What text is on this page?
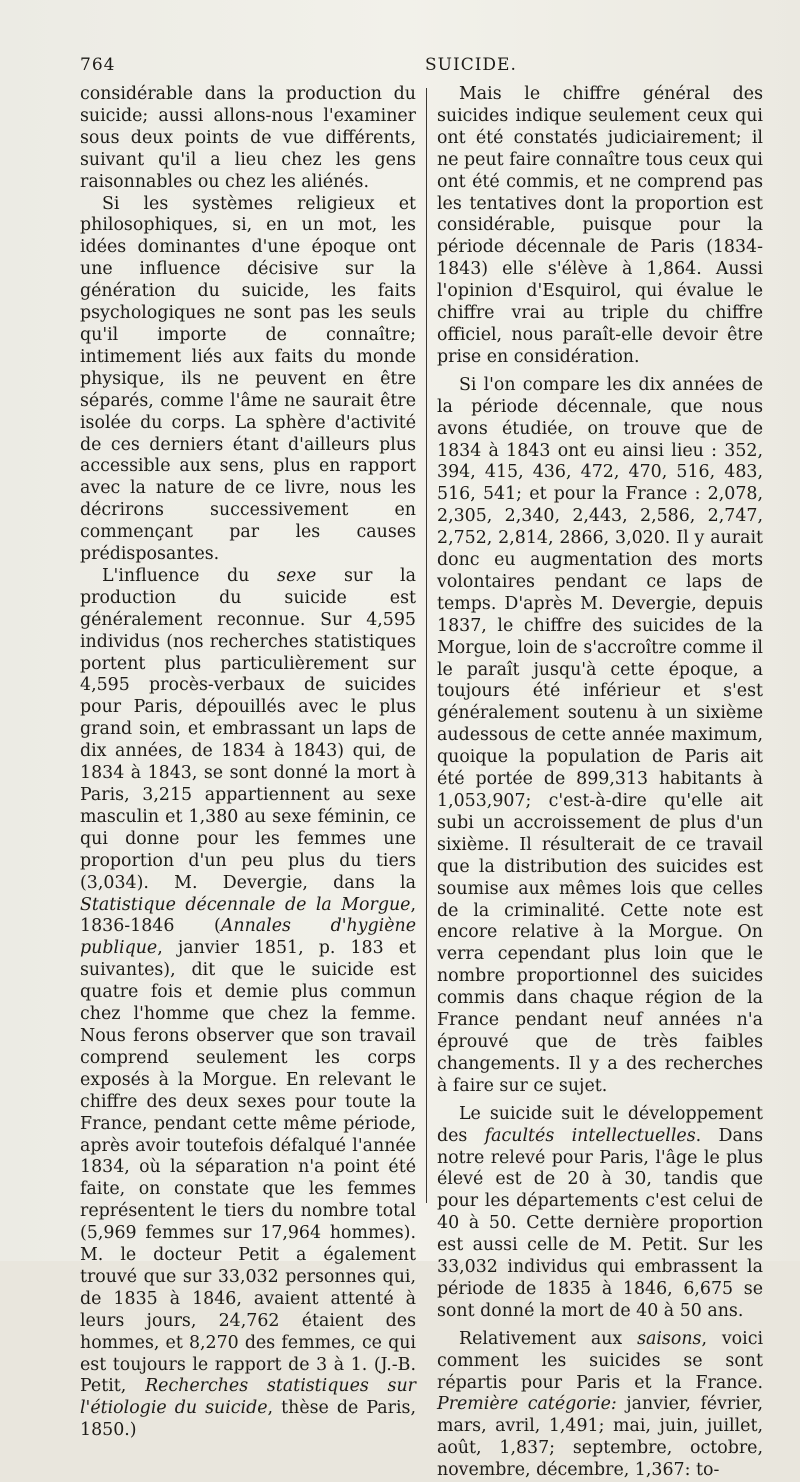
764	SUICIDE.

considérable dans la production du suicide; aussi allons-nous l'examiner sous deux points de vue différents, suivant qu'il a lieu chez les gens raisonnables ou chez les aliénés.

Si les systèmes religieux et philosophiques, si, en un mot, les idées dominantes d'une époque ont une influence décisive sur la génération du suicide, les faits psychologiques ne sont pas les seuls qu'il importe de connaître; intimement liés aux faits du monde physique, ils ne peuvent en être séparés, comme l'âme ne saurait être isolée du corps. La sphère d'activité de ces derniers étant d'ailleurs plus accessible aux sens, plus en rapport avec la nature de ce livre, nous les décrirons successivement en commençant par les causes prédisposantes.

L'influence du sexe sur la production du suicide est généralement reconnue. Sur 4,595 individus (nos recherches statistiques portent plus particulièrement sur 4,595 procès-verbaux de suicides pour Paris, dépouillés avec le plus grand soin, et embrassant un laps de dix années, de 1834 à 1843) qui, de 1834 à 1843, se sont donné la mort à Paris, 3,215 appartiennent au sexe masculin et 1,380 au sexe féminin, ce qui donne pour les femmes une proportion d'un peu plus du tiers (3,034). M. Devergie, dans la Statistique décennale de la Morgue, 1836-1846 (Annales d'hygiène publique, janvier 1851, p. 183 et suivantes), dit que le suicide est quatre fois et demie plus commun chez l'homme que chez la femme. Nous ferons observer que son travail comprend seulement les corps exposés à la Morgue. En relevant le chiffre des deux sexes pour toute la France, pendant cette même période, après avoir toutefois défalqué l'année 1834, où la séparation n'a point été faite, on constate que les femmes représentent le tiers du nombre total (5,969 femmes sur 17,964 hommes). M. le docteur Petit a également trouvé que sur 33,032 personnes qui, de 1835 à 1846, avaient attenté à leurs jours, 24,762 étaient des hommes, et 8,270 des femmes, ce qui est toujours le rapport de 3 à 1. (J.-B. Petit, Recherches statistiques sur l'étiologie du suicide, thèse de Paris, 1850.)

Mais le chiffre général des suicides indique seulement ceux qui ont été constatés judiciairement; il ne peut faire connaître tous ceux qui ont été commis, et ne comprend pas les tentatives dont la proportion est considérable, puisque pour la période décennale de Paris (1834-1843) elle s'élève à 1,864. Aussi l'opinion d'Esquirol, qui évalue le chiffre vrai au triple du chiffre officiel, nous paraît-elle devoir être prise en considération.

Si l'on compare les dix années de la période décennale, que nous avons étudiée, on trouve que de 1834 à 1843 ont eu ainsi lieu : 352, 394, 415, 436, 472, 470, 516, 483, 516, 541; et pour la France : 2,078, 2,305, 2,340, 2,443, 2,586, 2,747, 2,752, 2,814, 2866, 3,020. Il y aurait donc eu augmentation des morts volontaires pendant ce laps de temps. D'après M. Devergie, depuis 1837, le chiffre des suicides de la Morgue, loin de s'accroître comme il le paraît jusqu'à cette époque, a toujours été inférieur et s'est généralement soutenu à un sixième audessous de cette année maximum, quoique la population de Paris ait été portée de 899,313 habitants à 1,053,907; c'est-à-dire qu'elle ait subi un accroissement de plus d'un sixième. Il résulterait de ce travail que la distribution des suicides est soumise aux mêmes lois que celles de la criminalité. Cette note est encore relative à la Morgue. On verra cependant plus loin que le nombre proportionnel des suicides commis dans chaque région de la France pendant neuf années n'a éprouvé que de très faibles changements. Il y a des recherches à faire sur ce sujet.

Le suicide suit le développement des facultés intellectuelles. Dans notre relevé pour Paris, l'âge le plus élevé est de 20 à 30, tandis que pour les départements c'est celui de 40 à 50. Cette dernière proportion est aussi celle de M. Petit. Sur les 33,032 individus qui embrassent la période de 1835 à 1846, 6,675 se sont donné la mort de 40 à 50 ans.

Relativement aux saisons, voici comment les suicides se sont répartis pour Paris et la France. Première catégorie: janvier, février, mars, avril, 1,491; mai, juin, juillet, août, 1,837; septembre, octobre, novembre, décembre, 1,367: to-
